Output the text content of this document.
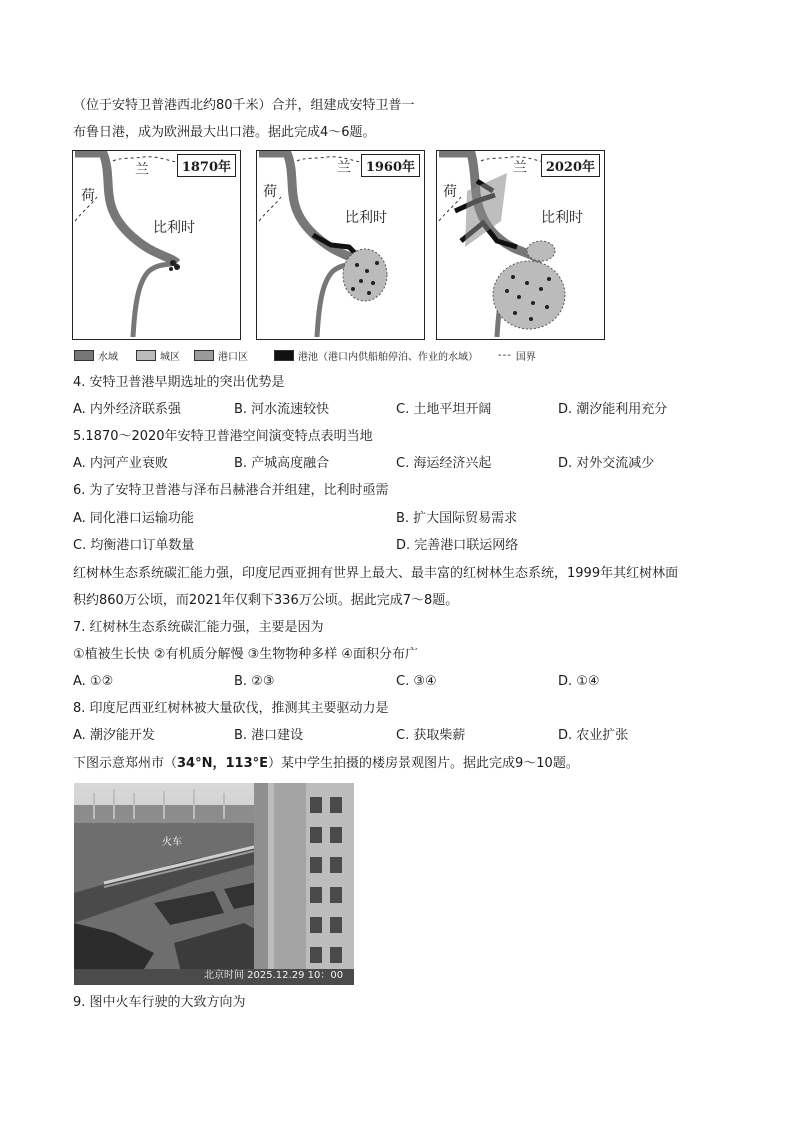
（位于安特卫普港西北约80千米）合并，组建成安特卫普一
布鲁日港，成为欧洲最大出口港。据此完成4～6题。
1870年
兰
荷
比利时
1960年
兰
荷
比利时
2020年
兰
荷
比利时
水域	城区	港口区	港池（港口内供船舶停泊、作业的水域） --- 国界
4. 安特卫普港早期选址的突出优势是
A. 内外经济联系强	B. 河水流速较快	C. 土地平坦开阔	D. 潮汐能利用充分
5.1870～2020年安特卫普港空间演变特点表明当地
A. 内河产业衰败	B. 产城高度融合	C. 海运经济兴起	D. 对外交流减少
6. 为了安特卫普港与泽布吕赫港合并组建，比利时亟需
A. 同化港口运输功能	B. 扩大国际贸易需求
C. 均衡港口订单数量	D. 完善港口联运网络
红树林生态系统碳汇能力强，印度尼西亚拥有世界上最大、最丰富的红树林生态系统，1999年其红树林面
积约860万公顷，而2021年仅剩下336万公顷。据此完成7～8题。
7. 红树林生态系统碳汇能力强，主要是因为
①植被生长快 ②有机质分解慢 ③生物物种多样 ④面积分布广
A. ①②	B. ②③	C. ③④	D. ①④
8. 印度尼西亚红树林被大量砍伐，推测其主要驱动力是
A. 潮汐能开发	B. 港口建设	C. 获取柴薪	D. 农业扩张
下图示意郑州市（34°N，113°E）某中学生拍摄的楼房景观图片。据此完成9～10题。
火车
北京时间 2025.12.29 10：00
9. 图中火车行驶的大致方向为
